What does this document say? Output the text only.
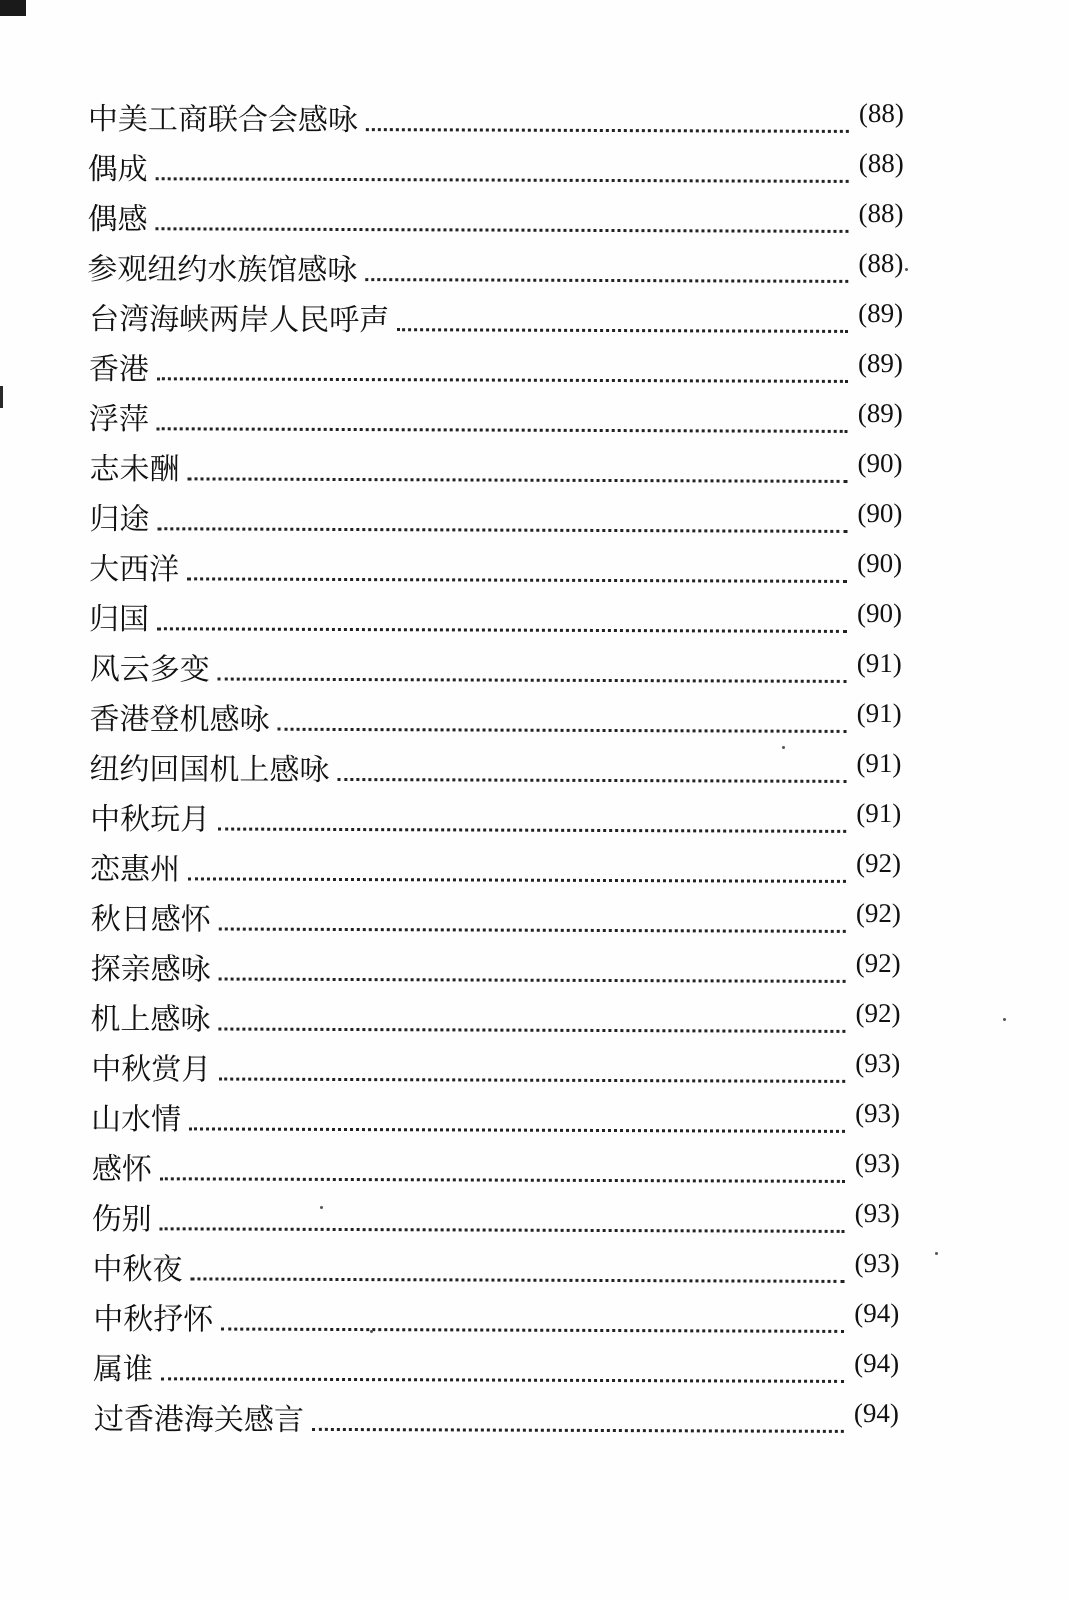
中美工商联合会感咏	(88)
偶成	(88)
偶感	(88)
参观纽约水族馆感咏	(88)
台湾海峡两岸人民呼声	(89)
香港	(89)
浮萍	(89)
志未酬	(90)
归途	(90)
大西洋	(90)
归国	(90)
风云多变	(91)
香港登机感咏	(91)
纽约回国机上感咏	(91)
中秋玩月	(91)
恋惠州	(92)
秋日感怀	(92)
探亲感咏	(92)
机上感咏	(92)
中秋赏月	(93)
山水情	(93)
感怀	(93)
伤别	(93)
中秋夜	(93)
中秋抒怀	(94)
属谁	(94)
过香港海关感言	(94)
